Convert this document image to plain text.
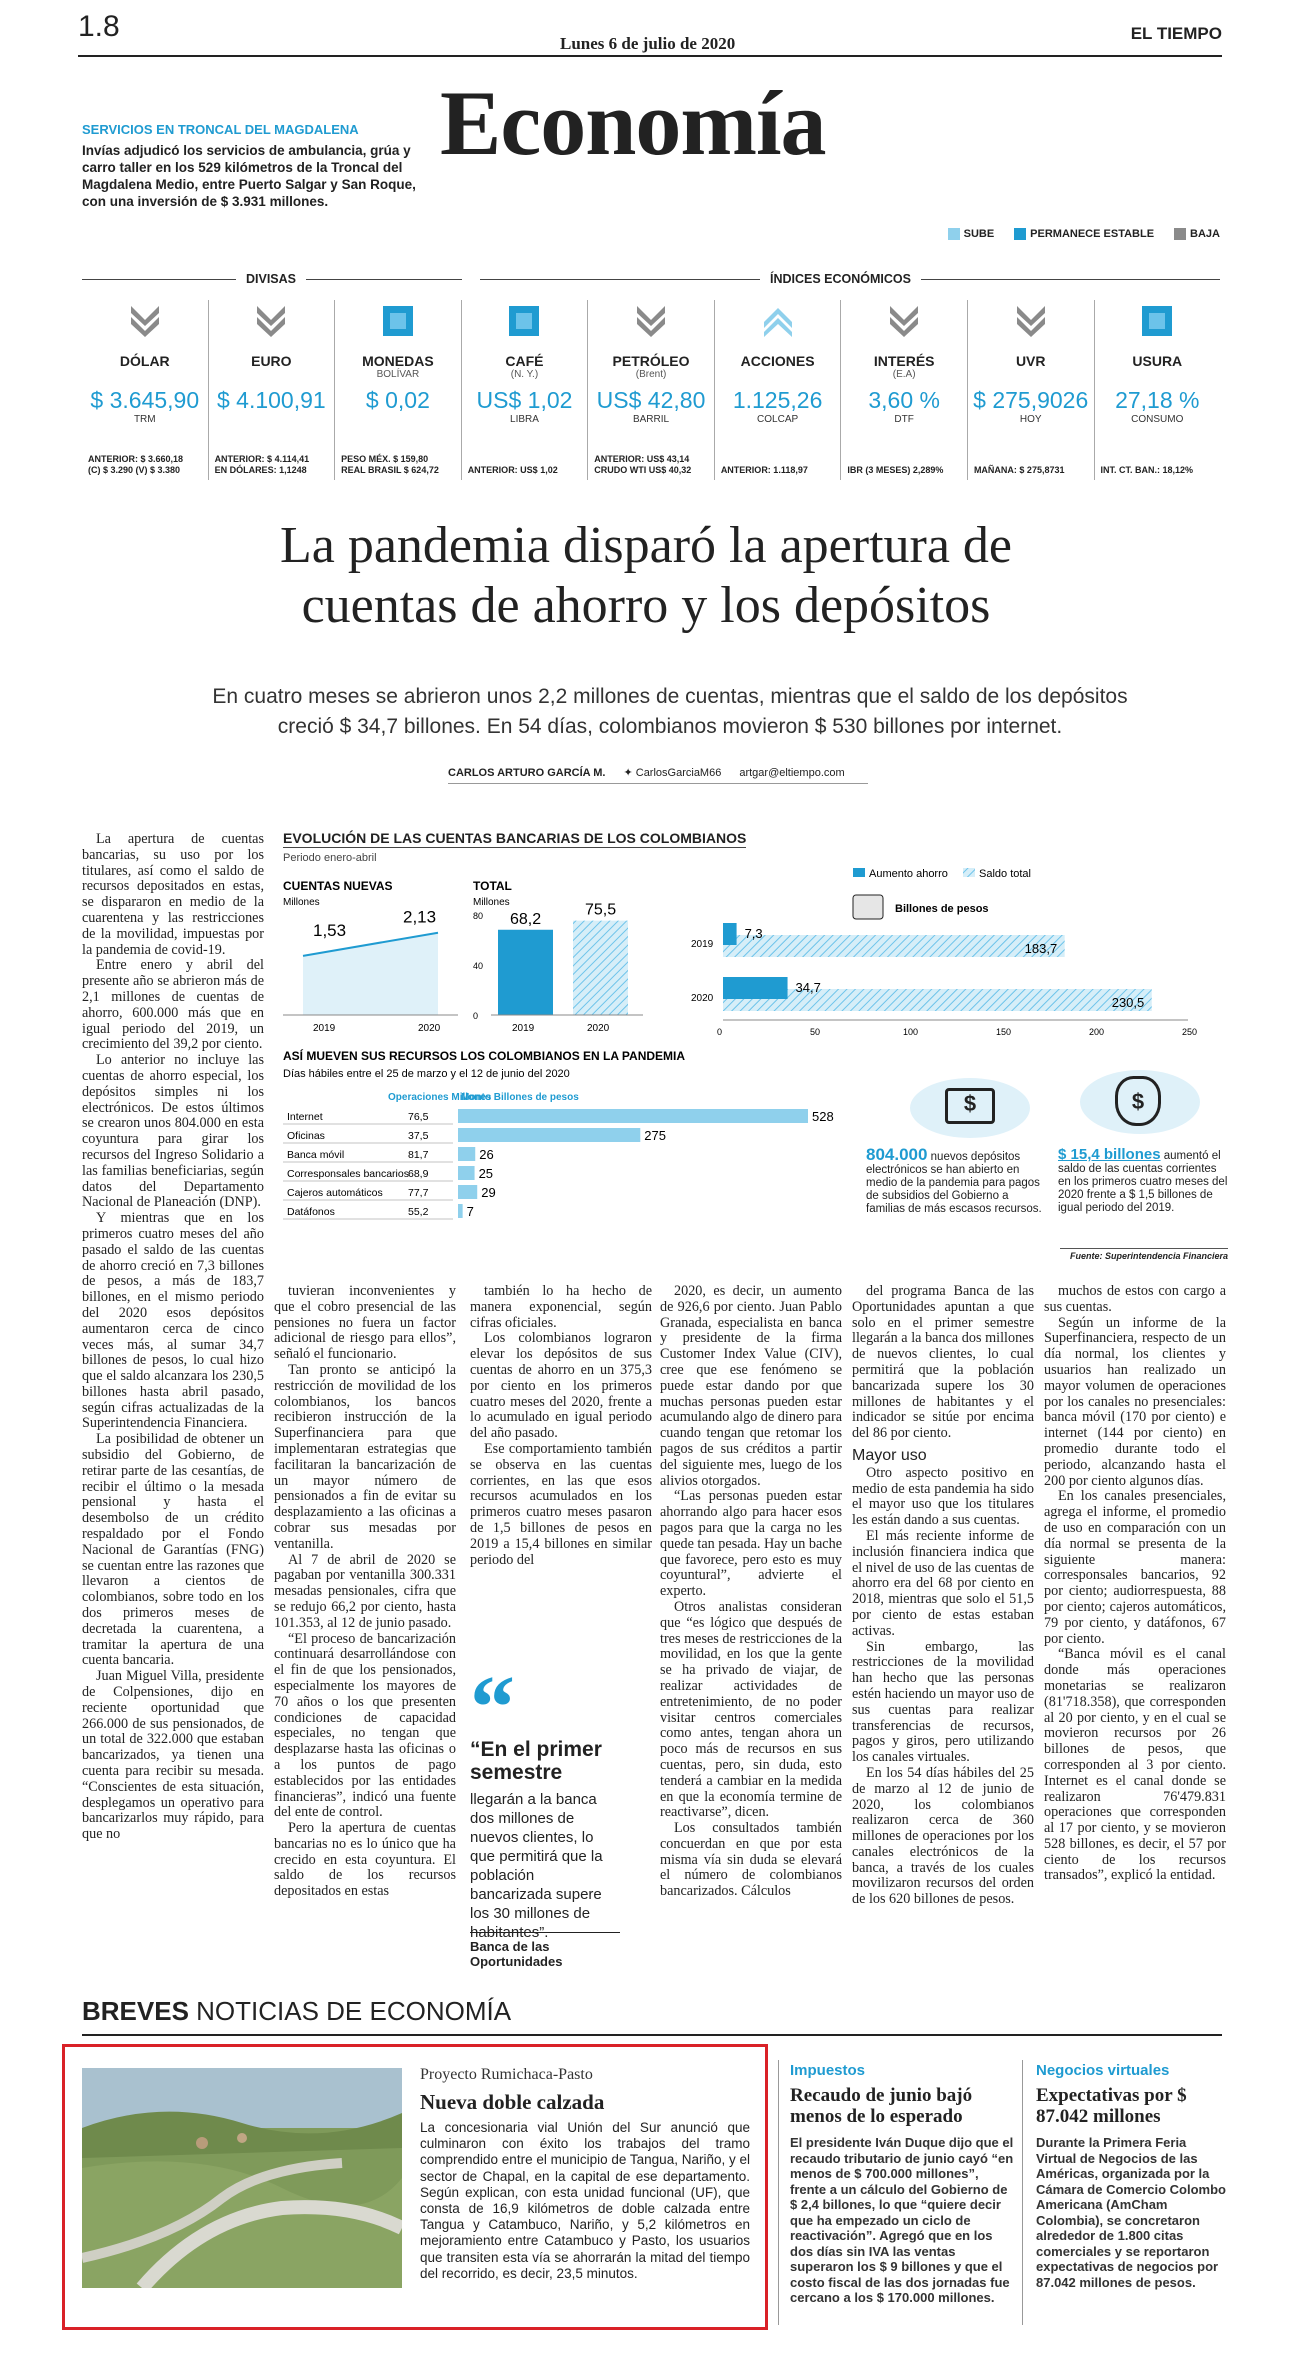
1.8
Lunes 6 de julio de 2020
EL TIEMPO
Economía
SERVICIOS EN TRONCAL DEL MAGDALENA
Invías adjudicó los servicios de ambulancia, grúa y carro taller en los 529 kilómetros de la Troncal del Magdalena Medio, entre Puerto Salgar y San Roque, con una inversión de $ 3.931 millones.
SUBE	PERMANECE ESTABLE	BAJA
DIVISAS	ÍNDICES ECONÓMICOS
DÓLAR
$ 3.645,90
TRM
ANTERIOR: $ 3.660,18
(C) $ 3.290 (V) $ 3.380
EURO
$ 4.100,91
ANTERIOR: $ 4.114,41
EN DÓLARES: 1,1248
MONEDAS
BOLÍVAR
$ 0,02
PESO MÉX. $ 159,80
REAL BRASIL $ 624,72
CAFÉ
(N. Y.)
US$ 1,02
LIBRA
ANTERIOR: US$ 1,02
PETRÓLEO
(Brent)
US$ 42,80
BARRIL
ANTERIOR: US$ 43,14
CRUDO WTI US$ 40,32
ACCIONES
1.125,26
COLCAP
ANTERIOR: 1.118,97
INTERÉS
(E.A)
3,60 %
DTF
IBR (3 MESES) 2,289%
UVR
$ 275,9026
HOY
MAÑANA: $ 275,8731
USURA
27,18 %
CONSUMO
INT. CT. BAN.: 18,12%
La pandemia disparó la apertura de
cuentas de ahorro y los depósitos
En cuatro meses se abrieron unos 2,2 millones de cuentas, mientras que el saldo de los depósitos creció $ 34,7 billones. En 54 días, colombianos movieron $ 530 billones por internet.
CARLOS ARTURO GARCÍA M. ✦ CarlosGarciaM66 artgar@eltiempo.com
EVOLUCIÓN DE LAS CUENTAS BANCARIAS DE LOS COLOMBIANOS
Periodo enero-abril
CUENTAS NUEVAS
Millones
2019	2020
1,53
2,13
TOTAL
Millones
0
40
80 68,2
2019
75,5
2020
Aumento ahorro	Saldo total
Billones de pesos
2019
7,3
183,7
2020
34,7
230,5
0	50	100	150	200	250
ASÍ MUEVEN SUS RECURSOS LOS COLOMBIANOS EN LA PANDEMIA
Días hábiles entre el 25 de marzo y el 12 de junio del 2020
Operaciones Millones
Monto Billones de pesos
Internet	76,5	528
Oficinas	37,5	275
Banca móvil	81,7	26
Corresponsales bancarios 68,9	25
Cajeros automáticos 77,7	29
Datáfonos	55,2	7
$
804.000 nuevos depósitos electrónicos se han abierto en medio de la pandemia para pagos de subsidios del Gobierno a familias de más escasos recursos.
$
$ 15,4 billones aumentó el saldo de las cuentas corrientes en los primeros cuatro meses del 2020 frente a $ 1,5 billones de igual periodo del 2019.
Fuente: Superintendencia Financiera

La apertura de cuentas bancarias, su uso por los titulares, así como el saldo de recursos depositados en estas, se dispararon en medio de la cuarentena y las restricciones de la movilidad, impuestas por la pandemia de covid-19.

Entre enero y abril del presente año se abrieron más de 2,1 millones de cuentas de ahorro, 600.000 más que en igual periodo del 2019, un crecimiento del 39,2 por ciento.

Lo anterior no incluye las cuentas de ahorro especial, los depósitos simples ni los electrónicos. De estos últimos se crearon unos 804.000 en esta coyuntura para girar los recursos del Ingreso Solidario a las familias beneficiarias, según datos del Departamento Nacional de Planeación (DNP).

Y mientras que en los primeros cuatro meses del año pasado el saldo de las cuentas de ahorro creció en 7,3 billones de pesos, a más de 183,7 billones, en el mismo periodo del 2020 esos depósitos aumentaron cerca de cinco veces más, al sumar 34,7 billones de pesos, lo cual hizo que el saldo alcanzara los 230,5 billones hasta abril pasado, según cifras actualizadas de la Superintendencia Financiera.

La posibilidad de obtener un subsidio del Gobierno, de retirar parte de las cesantías, de recibir el último o la mesada pensional y hasta el desembolso de un crédito respaldado por el Fondo Nacional de Garantías (FNG) se cuentan entre las razones que llevaron a cientos de colombianos, sobre todo en los dos primeros meses de decretada la cuarentena, a tramitar la apertura de una cuenta bancaria.

Juan Miguel Villa, presidente de Colpensiones, dijo en reciente oportunidad que 266.000 de sus pensionados, de un total de 322.000 que estaban bancarizados, ya tienen una cuenta para recibir su mesada. “Conscientes de esta situación, desplegamos un operativo para bancarizarlos muy rápido, para que no

tuvieran inconvenientes y que el cobro presencial de las pensiones no fuera un factor adicional de riesgo para ellos”, señaló el funcionario.

Tan pronto se anticipó la restricción de movilidad de los colombianos, los bancos recibieron instrucción de la Superfinanciera para que implementaran estrategias que facilitaran la bancarización de un mayor número de pensionados a fin de evitar su desplazamiento a las oficinas a cobrar sus mesadas por ventanilla.

Al 7 de abril de 2020 se pagaban por ventanilla 300.331 mesadas pensionales, cifra que se redujo 66,2 por ciento, hasta 101.353, al 12 de junio pasado.

“El proceso de bancarización continuará desarrollándose con el fin de que los pensionados, especialmente los mayores de 70 años o los que presenten condiciones de capacidad especiales, no tengan que desplazarse hasta las oficinas o a los puntos de pago establecidos por las entidades financieras”, indicó una fuente del ente de control.

Pero la apertura de cuentas bancarias no es lo único que ha crecido en esta coyuntura. El saldo de los recursos depositados en estas

también lo ha hecho de manera exponencial, según cifras oficiales.

Los colombianos lograron elevar los depósitos de sus cuentas de ahorro en un 375,3 por ciento en los primeros cuatro meses del 2020, frente a lo acumulado en igual periodo del año pasado.

Ese comportamiento también se observa en las cuentas corrientes, en las que esos recursos acumulados en los primeros cuatro meses pasaron de 1,5 billones de pesos en 2019 a 15,4 billones en similar periodo del

2020, es decir, un aumento de 926,6 por ciento. Juan Pablo Granada, especialista en banca y presidente de la firma Customer Index Value (CIV), cree que ese fenómeno se puede estar dando por que muchas personas pueden estar acumulando algo de dinero para cuando tengan que retomar los pagos de sus créditos a partir del siguiente mes, luego de los alivios otorgados.

“Las personas pueden estar ahorrando algo para hacer esos pagos para que la carga no les quede tan pesada. Hay un bache que favorece, pero esto es muy coyuntural”, advierte el experto.

Otros analistas consideran que “es lógico que después de tres meses de restricciones de la movilidad, en los que la gente se ha privado de viajar, de realizar actividades de entretenimiento, de no poder visitar centros comerciales como antes, tengan ahora un poco más de recursos en sus cuentas, pero, sin duda, esto tenderá a cambiar en la medida en que la economía termine de reactivarse”, dicen.

Los consultados también concuerdan en que por esta misma vía sin duda se elevará el número de colombianos bancarizados. Cálculos

del programa Banca de las Oportunidades apuntan a que solo en el primer semestre llegarán a la banca dos millones de nuevos clientes, lo cual permitirá que la población bancarizada supere los 30 millones de habitantes y el indicador se sitúe por encima del 86 por ciento.

Mayor uso

Otro aspecto positivo en medio de esta pandemia ha sido el mayor uso que los titulares les están dando a sus cuentas.

El más reciente informe de inclusión financiera indica que el nivel de uso de las cuentas de ahorro era del 68 por ciento en 2018, mientras que solo el 51,5 por ciento de estas estaban activas.

Sin embargo, las restricciones de la movilidad han hecho que las personas estén haciendo un mayor uso de sus cuentas para realizar transferencias de recursos, pagos y giros, pero utilizando los canales virtuales.

En los 54 días hábiles del 25 de marzo al 12 de junio de 2020, los colombianos realizaron cerca de 360 millones de operaciones por los canales electrónicos de la banca, a través de los cuales movilizaron recursos del orden de los 620 billones de pesos.

muchos de estos con cargo a sus cuentas.

Según un informe de la Superfinanciera, respecto de un día normal, los clientes y usuarios han realizado un mayor volumen de operaciones por los canales no presenciales: banca móvil (170 por ciento) e internet (144 por ciento) en promedio durante todo el periodo, alcanzando hasta el 200 por ciento algunos días.

En los canales presenciales, agrega el informe, el promedio de uso en comparación con un día normal se presenta de la siguiente manera: corresponsales bancarios, 92 por ciento; audiorrespuesta, 88 por ciento; cajeros automáticos, 79 por ciento, y datáfonos, 67 por ciento.

“Banca móvil es el canal donde más operaciones monetarias se realizaron (81'718.358), que corresponden al 20 por ciento, y en el cual se movieron recursos por 26 billones de pesos, que corresponden al 3 por ciento. Internet es el canal donde se realizaron 76'479.831 operaciones que corresponden al 17 por ciento, y se movieron 528 billones, es decir, el 57 por ciento de los recursos transados”, explicó la entidad.

“
“En el primer semestre
llegarán a la banca dos millones de nuevos clientes, lo que permitirá que la población bancarizada supere los 30 millones de habitantes”.
Banca de las Oportunidades
BREVES NOTICIAS DE ECONOMÍA
Proyecto Rumichaca-Pasto
Nueva doble calzada
La concesionaria vial Unión del Sur anunció que culminaron con éxito los trabajos del tramo comprendido entre el municipio de Tangua, Nariño, y el sector de Chapal, en la capital de ese departamento. Según explican, con esta unidad funcional (UF), que consta de 16,9 kilómetros de doble calzada entre Tangua y Catambuco, Nariño, y 5,2 kilómetros en mejoramiento entre Catambuco y Pasto, los usuarios que transiten esta vía se ahorrarán la mitad del tiempo del recorrido, es decir, 23,5 minutos.
Impuestos
Recaudo de junio bajó menos de lo esperado
El presidente Iván Duque dijo que el recaudo tributario de junio cayó “en menos de $ 700.000 millones”, frente a un cálculo del Gobierno de $ 2,4 billones, lo que “quiere decir que ha empezado un ciclo de reactivación”. Agregó que en los dos días sin IVA las ventas superaron los $ 9 billones y que el costo fiscal de las dos jornadas fue cercano a los $ 170.000 millones.
Negocios virtuales
Expectativas por $ 87.042 millones
Durante la Primera Feria Virtual de Negocios de las Américas, organizada por la Cámara de Comercio Colombo Americana (AmCham Colombia), se concretaron alrededor de 1.800 citas comerciales y se reportaron expectativas de negocios por 87.042 millones de pesos.
